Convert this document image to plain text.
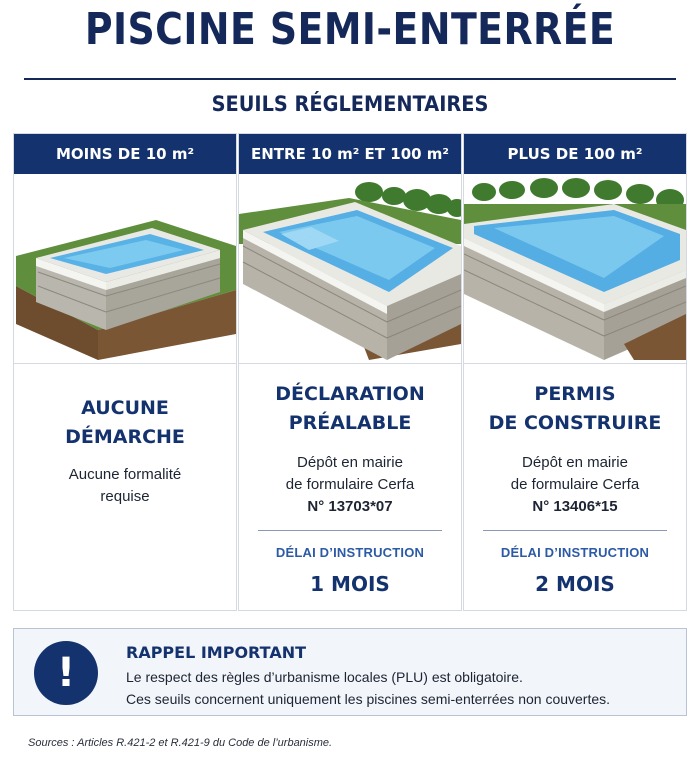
PISCINE SEMI-ENTERRÉE
SEUILS RÉGLEMENTAIRES
MOINS DE 10 m²
AUCUNE
DÉMARCHE
Aucune formalité
requise
ENTRE 10 m² ET 100 m²
DÉCLARATION
PRÉALABLE
Dépôt en mairie
de formulaire Cerfa
N° 13703*07
DÉLAI D’INSTRUCTION
1 MOIS
PLUS DE 100 m²
PERMIS
DE CONSTRUIRE
Dépôt en mairie
de formulaire Cerfa
N° 13406*15
DÉLAI D’INSTRUCTION
2 MOIS
!	RAPPEL IMPORTANT
Le respect des règles d’urbanisme locales (PLU) est obligatoire.
Ces seuils concernent uniquement les piscines semi-enterrées non couvertes.
Sources : Articles R.421-2 et R.421-9 du Code de l’urbanisme.
